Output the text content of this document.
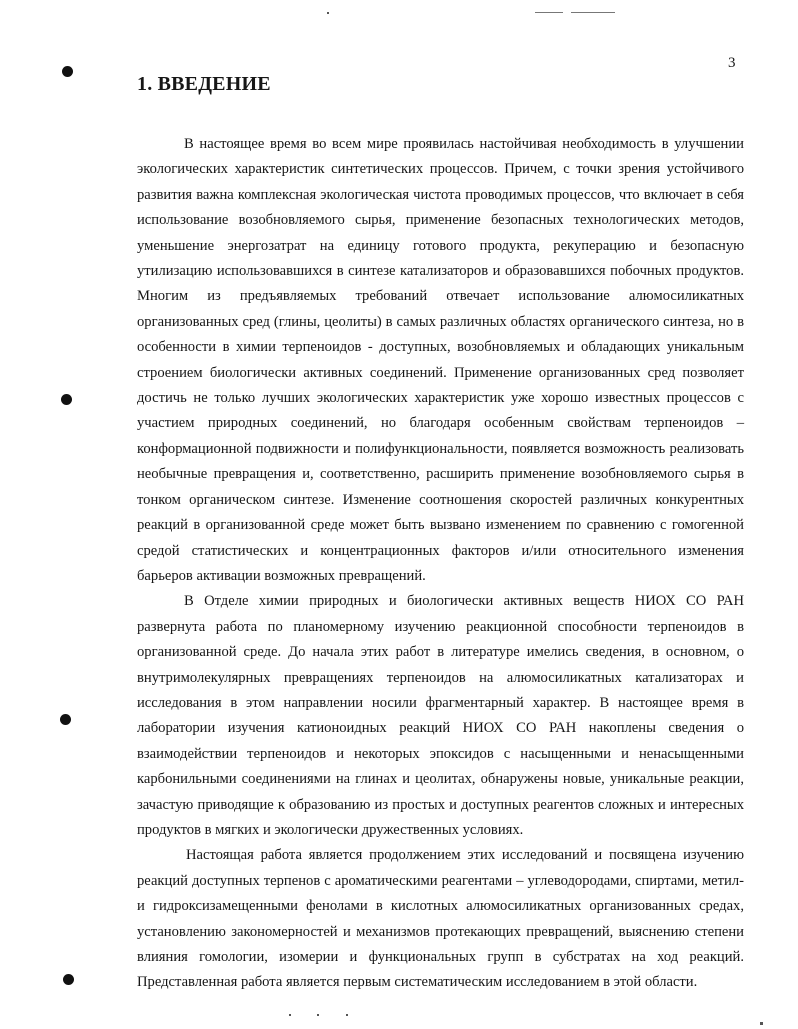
3
1. ВВЕДЕНИЕ

В настоящее время во всем мире проявилась настойчивая необходимость в улучшении экологических характеристик синтетических процессов. Причем, с точки зрения устойчивого развития важна комплексная экологическая чистота проводимых процессов, что включает в себя использование возобновляемого сырья, применение безопасных технологических методов, уменьшение энергозатрат на единицу готового продукта, рекуперацию и безопасную утилизацию использовавшихся в синтезе катализаторов и образовавшихся побочных продуктов. Многим из предъявляемых требований отвечает использование алюмосиликатных организованных сред (глины, цеолиты) в самых различных областях органического синтеза, но в особенности в химии терпеноидов - доступных, возобновляемых и обладающих уникальным строением биологически активных соединений. Применение организованных сред позволяет достичь не только лучших экологических характеристик уже хорошо известных процессов с участием природных соединений, но благодаря особенным свойствам терпеноидов – конформационной подвижности и полифункциональности, появляется возможность реализовать необычные превращения и, соответственно, расширить применение возобновляемого сырья в тонком органическом синтезе. Изменение соотношения скоростей различных конкурентных реакций в организованной среде может быть вызвано изменением по сравнению с гомогенной средой статистических и концентрационных факторов и/или относительного изменения барьеров активации возможных превращений.

В Отделе химии природных и биологически активных веществ НИОХ СО РАН развернута работа по планомерному изучению реакционной способности терпеноидов в организованной среде. До начала этих работ в литературе имелись сведения, в основном, о внутримолекулярных превращениях терпеноидов на алюмосиликатных катализаторах и исследования в этом направлении носили фрагментарный характер. В настоящее время в лаборатории изучения катионоидных реакций НИОХ СО РАН накоплены сведения о взаимодействии терпеноидов и некоторых эпоксидов с насыщенными и ненасыщенными карбонильными соединениями на глинах и цеолитах, обнаружены новые, уникальные реакции, зачастую приводящие к образованию из простых и доступных реагентов сложных и интересных продуктов в мягких и экологически дружественных условиях.

Настоящая работа является продолжением этих исследований и посвящена изучению реакций доступных терпенов с ароматическими реагентами – углеводородами, спиртами, метил- и гидроксизамещенными фенолами в кислотных алюмосиликатных организованных средах, установлению закономерностей и механизмов протекающих превращений, выяснению степени влияния гомологии, изомерии и функциональных групп в субстратах на ход реакций. Представленная работа является первым систематическим исследованием в этой области.
